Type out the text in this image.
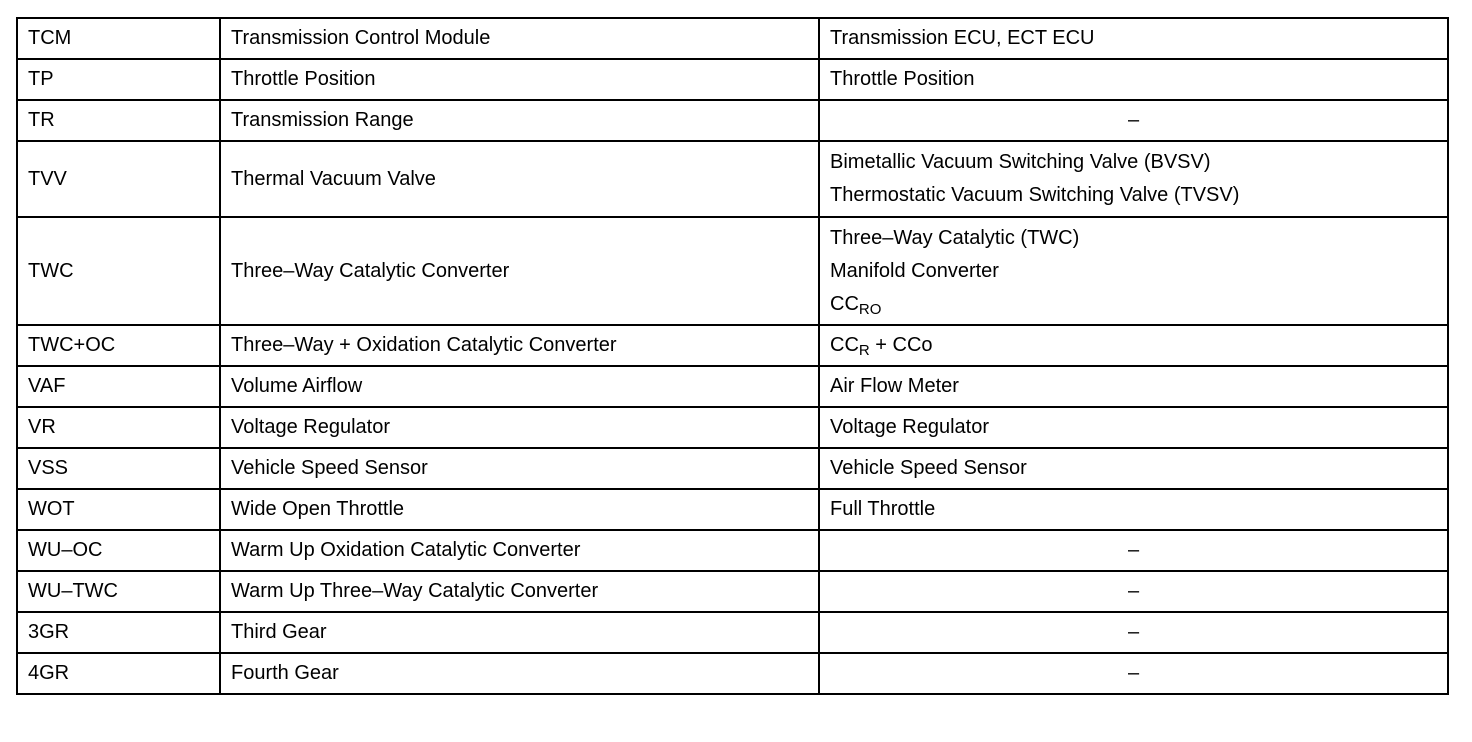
TCM	Transmission Control Module	Transmission ECU, ECT ECU
TP	Throttle Position	Throttle Position
TR	Transmission Range	–
TVV	Thermal Vacuum Valve	Bimetallic Vacuum Switching Valve (BVSV)
Thermostatic Vacuum Switching Valve (TVSV)

TWC	Three–Way Catalytic Converter	Three–Way Catalytic (TWC)
Manifold Converter
$CC_{RO}$

TWC+OC	Three–Way + Oxidation Catalytic Converter	$CC_R$ + CCo
VAF	Volume Airflow	Air Flow Meter
VR	Voltage Regulator	Voltage Regulator
VSS	Vehicle Speed Sensor	Vehicle Speed Sensor
WOT	Wide Open Throttle	Full Throttle
WU–OC	Warm Up Oxidation Catalytic Converter	–
WU–TWC	Warm Up Three–Way Catalytic Converter	–
3GR	Third Gear	–
4GR	Fourth Gear	–
